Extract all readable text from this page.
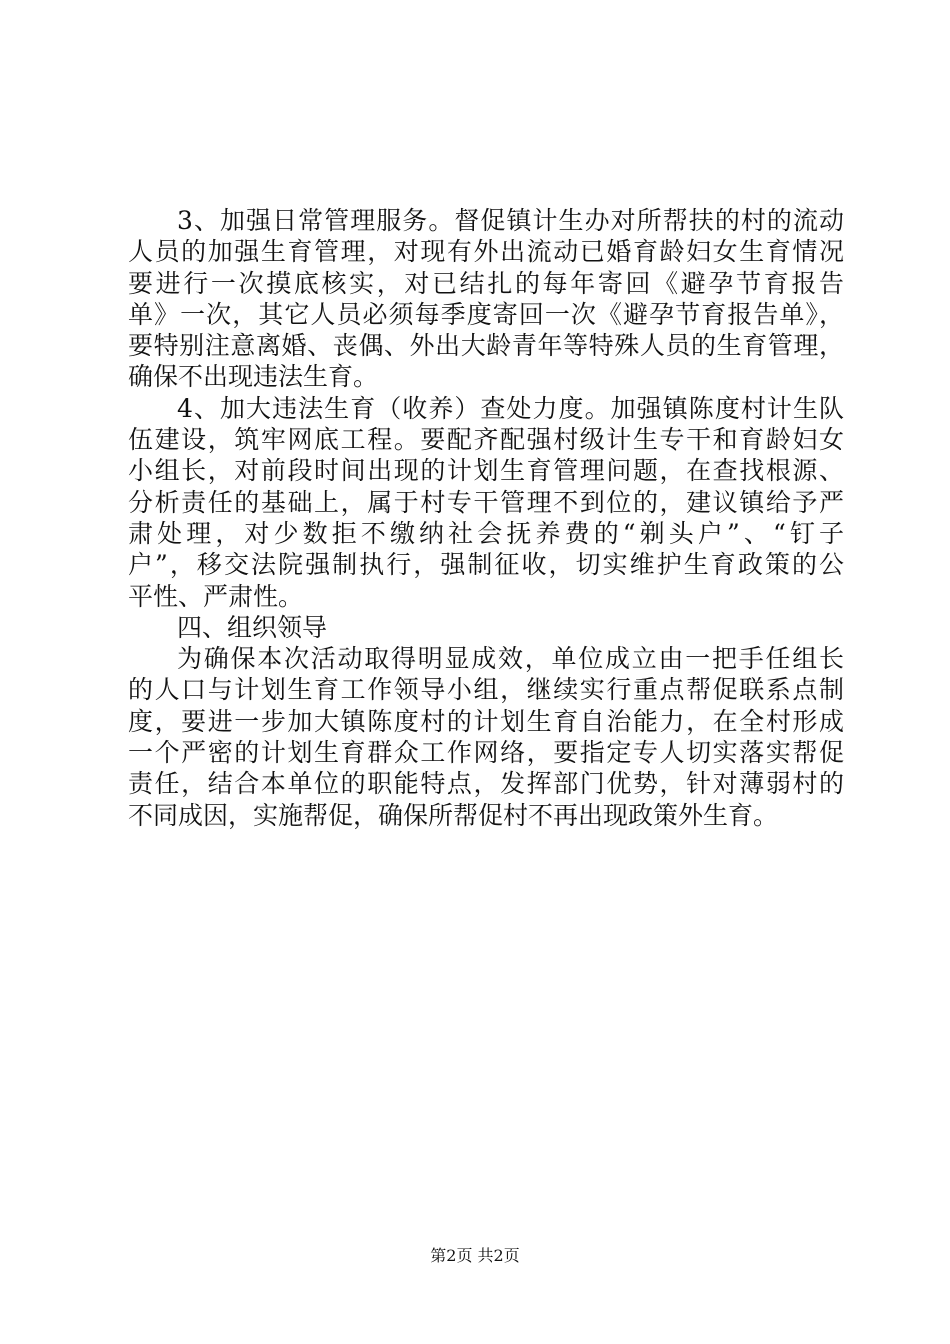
3、加强日常管理服务。督促镇计生办对所帮扶的村的流动
人员的加强生育管理，对现有外出流动已婚育龄妇女生育情况
要进行一次摸底核实，对已结扎的每年寄回《避孕节育报告
单》一次，其它人员必须每季度寄回一次《避孕节育报告单》，
要特别注意离婚、丧偶、外出大龄青年等特殊人员的生育管理，
确保不出现违法生育。
4、加大违法生育（收养）查处力度。加强镇陈度村计生队
伍建设，筑牢网底工程。要配齐配强村级计生专干和育龄妇女
小组长，对前段时间出现的计划生育管理问题，在查找根源、
分析责任的基础上，属于村专干管理不到位的，建议镇给予严
肃处理，对少数拒不缴纳社会抚养费的“剃头户”、“钉子
户”，移交法院强制执行，强制征收，切实维护生育政策的公
平性、严肃性。
四、组织领导
为确保本次活动取得明显成效，单位成立由一把手任组长
的人口与计划生育工作领导小组，继续实行重点帮促联系点制
度，要进一步加大镇陈度村的计划生育自治能力，在全村形成
一个严密的计划生育群众工作网络，要指定专人切实落实帮促
责任，结合本单位的职能特点，发挥部门优势，针对薄弱村的
不同成因，实施帮促，确保所帮促村不再出现政策外生育。
第2页 共2页
